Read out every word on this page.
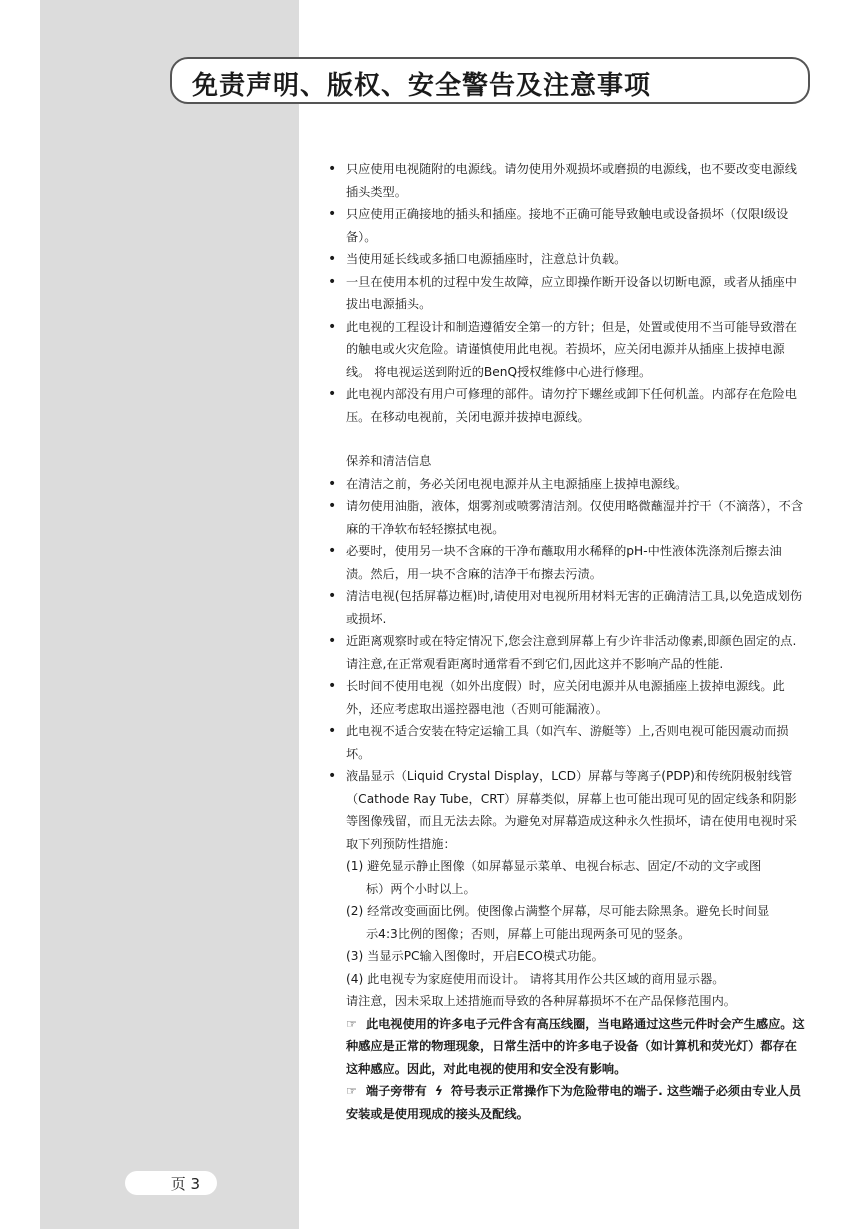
免责声明、版权、安全警告及注意事项
• 只应使用电视随附的电源线。请勿使用外观损坏或磨损的电源线，也不要改变电源线插头类型。
• 只应使用正确接地的插头和插座。接地不正确可能导致触电或设备损坏（仅限I级设备）。
• 当使用延长线或多插口电源插座时，注意总计负载。
• 一旦在使用本机的过程中发生故障，应立即操作断开设备以切断电源，或者从插座中拔出电源插头。
• 此电视的工程设计和制造遵循安全第一的方针；但是，处置或使用不当可能导致潜在的触电或火灾危险。请谨慎使用此电视。若损坏，应关闭电源并从插座上拔掉电源线。 将电视运送到附近的BenQ授权维修中心进行修理。
• 此电视内部没有用户可修理的部件。请勿拧下螺丝或卸下任何机盖。内部存在危险电压。在移动电视前，关闭电源并拔掉电源线。
保养和清洁信息
• 在清洁之前，务必关闭电视电源并从主电源插座上拔掉电源线。
• 请勿使用油脂，液体，烟雾剂或喷雾清洁剂。仅使用略微蘸湿并拧干（不滴落），不含麻的干净软布轻轻擦拭电视。
• 必要时，使用另一块不含麻的干净布蘸取用水稀释的pH-中性液体洗涤剂后擦去油渍。然后，用一块不含麻的洁净干布擦去污渍。
• 清洁电视(包括屏幕边框)时,请使用对电视所用材料无害的正确清洁工具,以免造成划伤或损坏.
• 近距离观察时或在特定情况下,您会注意到屏幕上有少许非活动像素,即颜色固定的点.请注意,在正常观看距离时通常看不到它们,因此这并不影响产品的性能.
• 长时间不使用电视（如外出度假）时，应关闭电源并从电源插座上拔掉电源线。此外，还应考虑取出遥控器电池（否则可能漏液）。
• 此电视不适合安装在特定运输工具（如汽车、游艇等）上,否则电视可能因震动而损坏。
• 液晶显示（Liquid Crystal Display，LCD）屏幕与等离子(PDP)和传统阴极射线管（Cathode Ray Tube，CRT）屏幕类似，屏幕上也可能出现可见的固定线条和阴影等图像残留，而且无法去除。为避免对屏幕造成这种永久性损坏，请在使用电视时采取下列预防性措施：
(1) 避免显示静止图像（如屏幕显示菜单、电视台标志、固定/不动的文字或图
标）两个小时以上。
(2) 经常改变画面比例。使图像占满整个屏幕，尽可能去除黑条。避免长时间显
示4:3比例的图像；否则，屏幕上可能出现两条可见的竖条。
(3) 当显示PC输入图像时，开启ECO模式功能。
(4) 此电视专为家庭使用而设计。 请将其用作公共区域的商用显示器。
请注意，因未采取上述措施而导致的各种屏幕损坏不在产品保修范围内。
☞ 此电视使用的许多电子元件含有高压线圈，当电路通过这些元件时会产生感应。这种感应是正常的物理现象，日常生活中的许多电子设备（如计算机和荧光灯）都存在这种感应。因此，对此电视的使用和安全没有影响。
☞ 端子旁带有 ϟ 符号表示正常操作下为危险带电的端子. 这些端子必须由专业人员安装或是使用现成的接头及配线。
页 3
